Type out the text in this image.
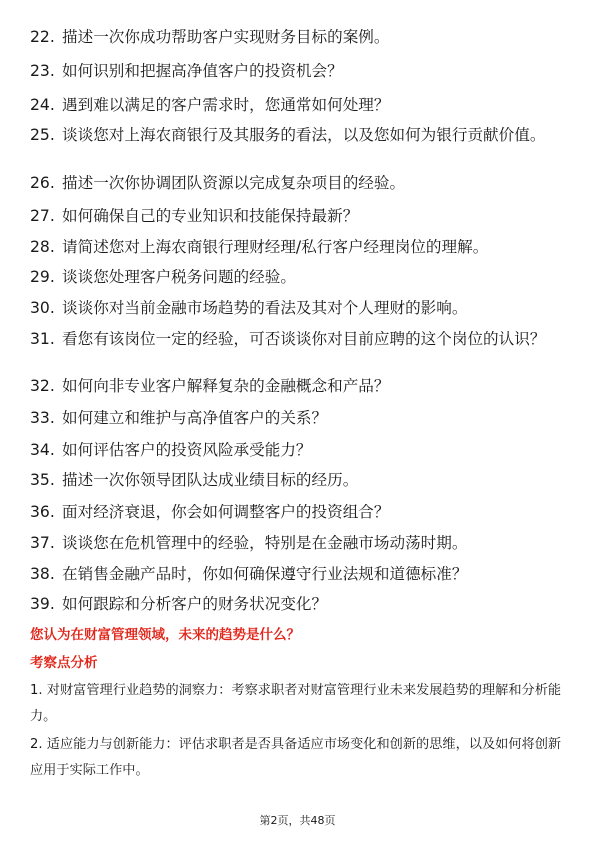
22. 描述一次你成功帮助客户实现财务目标的案例。
23. 如何识别和把握高净值客户的投资机会？
24. 遇到难以满足的客户需求时，您通常如何处理？
25. 谈谈您对上海农商银行及其服务的看法，以及您如何为银行贡献价值。
26. 描述一次你协调团队资源以完成复杂项目的经验。
27. 如何确保自己的专业知识和技能保持最新？
28. 请简述您对上海农商银行理财经理/私行客户经理岗位的理解。
29. 谈谈您处理客户税务问题的经验。
30. 谈谈你对当前金融市场趋势的看法及其对个人理财的影响。
31. 看您有该岗位一定的经验，可否谈谈你对目前应聘的这个岗位的认识？
32. 如何向非专业客户解释复杂的金融概念和产品？
33. 如何建立和维护与高净值客户的关系？
34. 如何评估客户的投资风险承受能力？
35. 描述一次你领导团队达成业绩目标的经历。
36. 面对经济衰退，你会如何调整客户的投资组合？
37. 谈谈您在危机管理中的经验，特别是在金融市场动荡时期。
38. 在销售金融产品时，你如何确保遵守行业法规和道德标准？
39. 如何跟踪和分析客户的财务状况变化？
您认为在财富管理领域，未来的趋势是什么？
考察点分析
1. 对财富管理行业趋势的洞察力：考察求职者对财富管理行业未来发展趋势的理解和分析能力。
2. 适应能力与创新能力：评估求职者是否具备适应市场变化和创新的思维，以及如何将创新应用于实际工作中。
第2页，共48页
